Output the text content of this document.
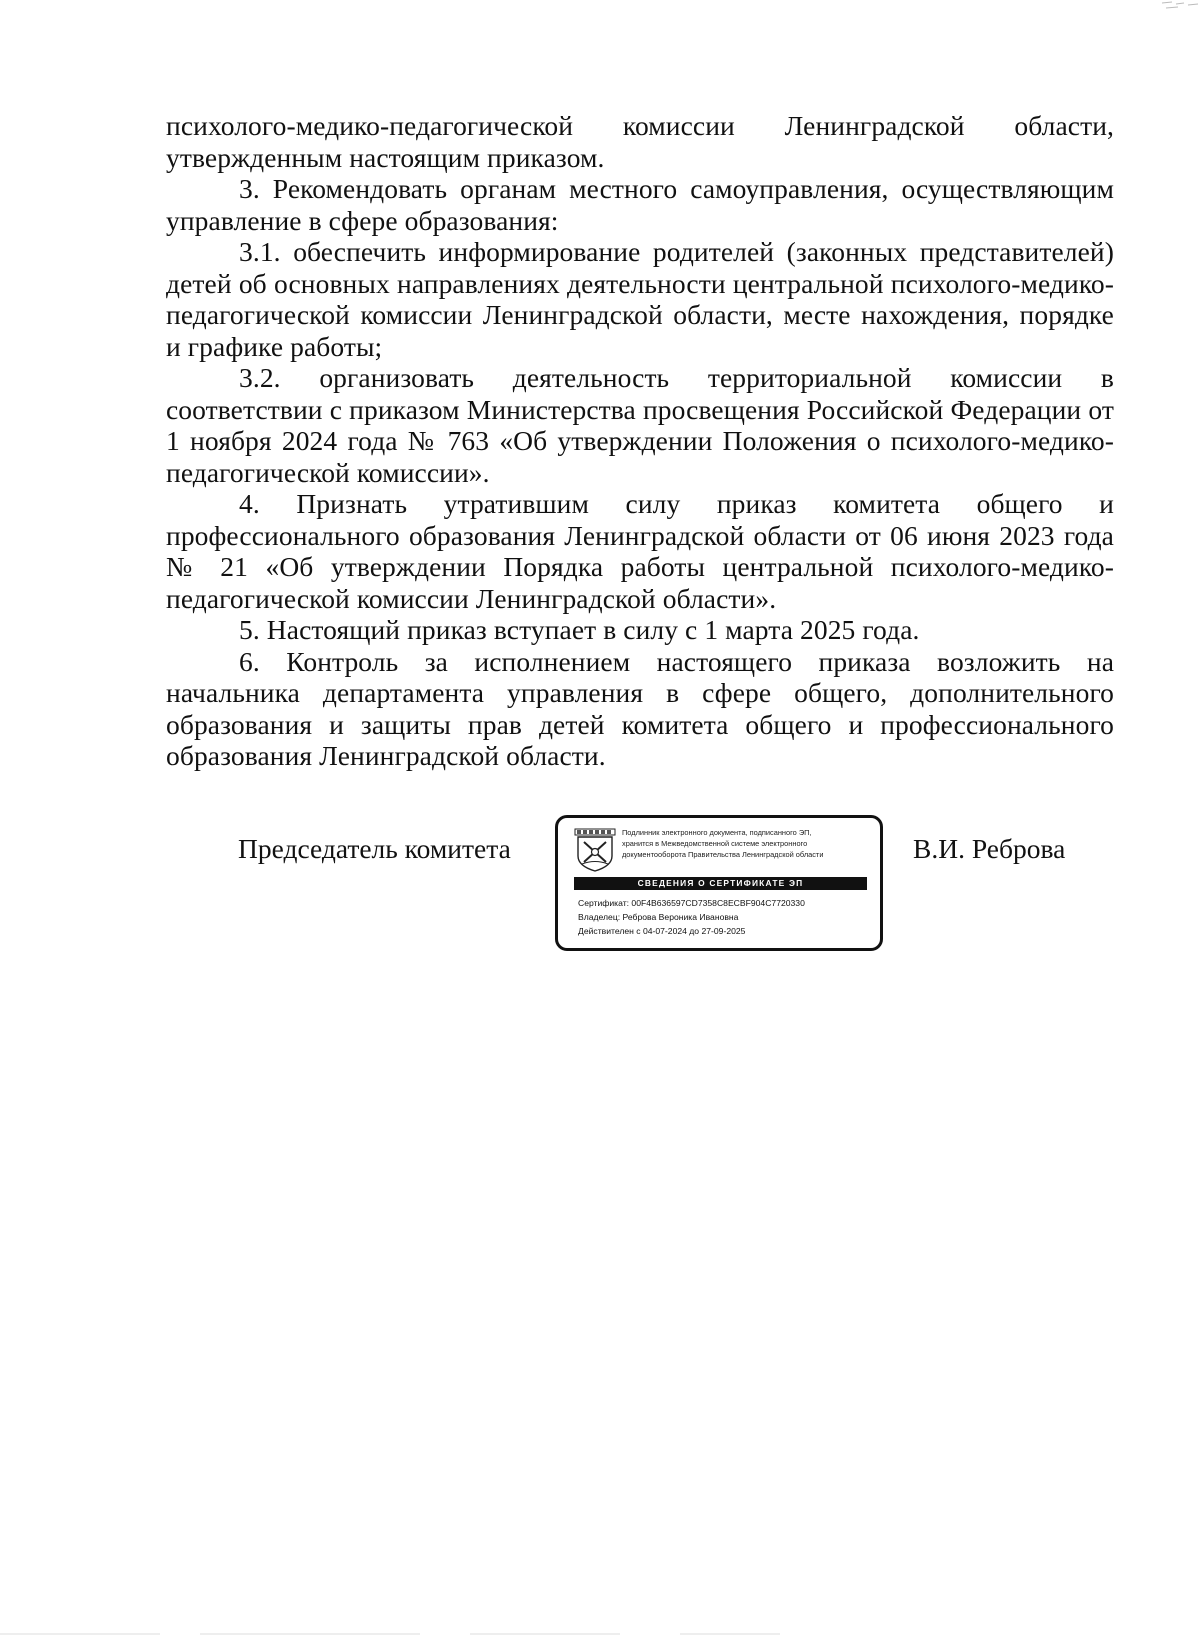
психолого-медико-педагогической комиссии Ленинградской области, утвержденным настоящим приказом.

3. Рекомендовать органам местного самоуправления, осуществляющим управление в сфере образования:

3.1. обеспечить информирование родителей (законных представителей) детей об основных направлениях деятельности центральной психолого-медико-педагогической комиссии Ленинградской области, месте нахождения, порядке и графике работы;

3.2. организовать деятельность территориальной комиссии в соответствии с приказом Министерства просвещения Российской Федерации от 1 ноября 2024 года № 763 «Об утверждении Положения о психолого-медико-педагогической комиссии».

4. Признать утратившим силу приказ комитета общего и профессионального образования Ленинградской области от 06 июня 2023 года № 21 «Об утверждении Порядка работы центральной психолого-медико-педагогической комиссии Ленинградской области».

5. Настоящий приказ вступает в силу с 1 марта 2025 года.

6. Контроль за исполнением настоящего приказа возложить на начальника департамента управления в сфере общего, дополнительного образования и защиты прав детей комитета общего и профессионального образования Ленинградской области.

Председатель комитета
Подлинник электронного документа, подписанного ЭП,
хранится в Межведомственной системе электронного
документооборота Правительства Ленинградской области
СВЕДЕНИЯ О СЕРТИФИКАТЕ ЭП
Сертификат: 00F4B636597CD7358C8ECBF904C7720330
Владелец: Реброва Вероника Ивановна
Действителен с 04-07-2024 до 27-09-2025
В.И. Реброва
